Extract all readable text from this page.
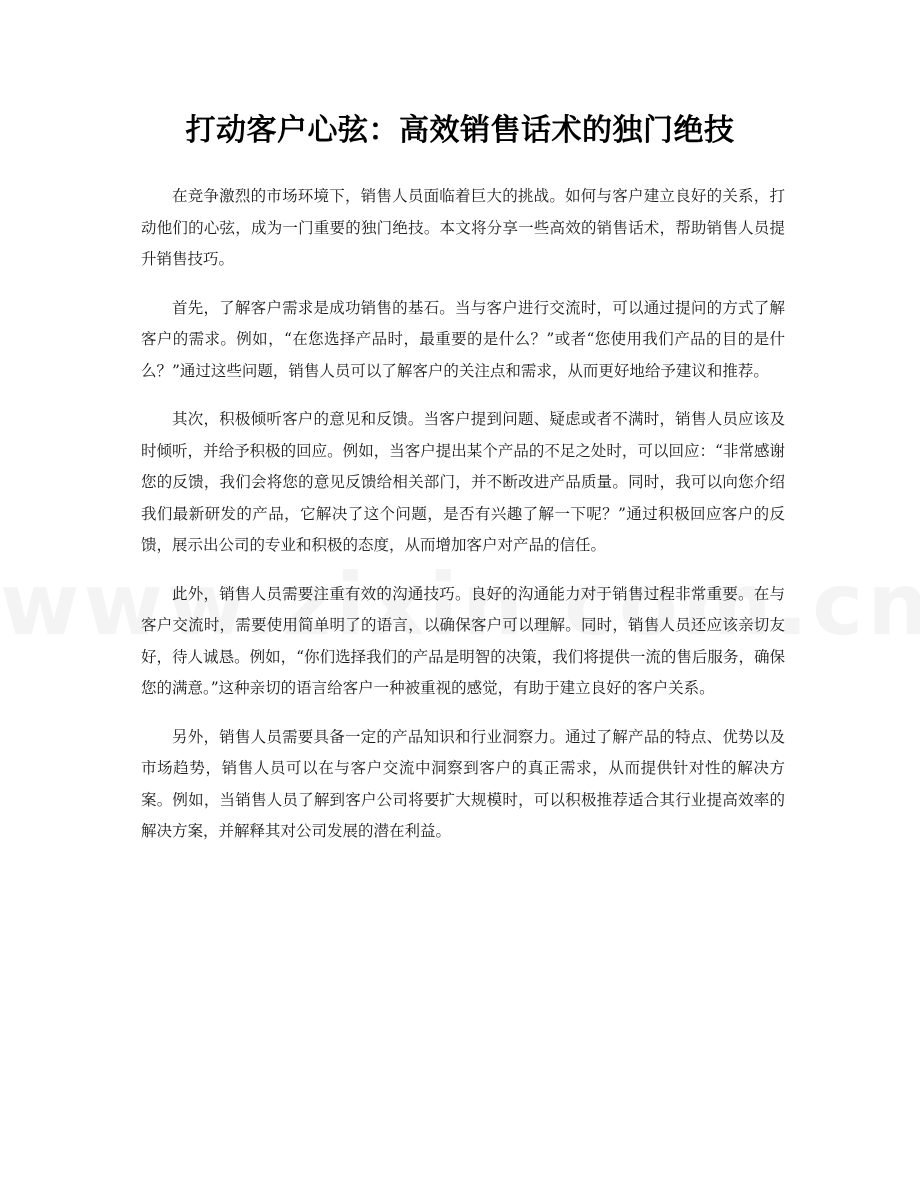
打动客户心弦：高效销售话术的独门绝技

在竞争激烈的市场环境下，销售人员面临着巨大的挑战。如何与客户建立良好的关系，打动他们的心弦，成为一门重要的独门绝技。本文将分享一些高效的销售话术，帮助销售人员提升销售技巧。

首先，了解客户需求是成功销售的基石。当与客户进行交流时，可以通过提问的方式了解客户的需求。例如，“在您选择产品时，最重要的是什么？”或者“您使用我们产品的目的是什么？”通过这些问题，销售人员可以了解客户的关注点和需求，从而更好地给予建议和推荐。

其次，积极倾听客户的意见和反馈。当客户提到问题、疑虑或者不满时，销售人员应该及时倾听，并给予积极的回应。例如，当客户提出某个产品的不足之处时，可以回应：“非常感谢您的反馈，我们会将您的意见反馈给相关部门，并不断改进产品质量。同时，我可以向您介绍我们最新研发的产品，它解决了这个问题，是否有兴趣了解一下呢？”通过积极回应客户的反馈，展示出公司的专业和积极的态度，从而增加客户对产品的信任。

此外，销售人员需要注重有效的沟通技巧。良好的沟通能力对于销售过程非常重要。在与客户交流时，需要使用简单明了的语言，以确保客户可以理解。同时，销售人员还应该亲切友好，待人诚恳。例如，“你们选择我们的产品是明智的决策，我们将提供一流的售后服务，确保您的满意。”这种亲切的语言给客户一种被重视的感觉，有助于建立良好的客户关系。

另外，销售人员需要具备一定的产品知识和行业洞察力。通过了解产品的特点、优势以及市场趋势，销售人员可以在与客户交流中洞察到客户的真正需求，从而提供针对性的解决方案。例如，当销售人员了解到客户公司将要扩大规模时，可以积极推荐适合其行业提高效率的解决方案，并解释其对公司发展的潜在利益。
